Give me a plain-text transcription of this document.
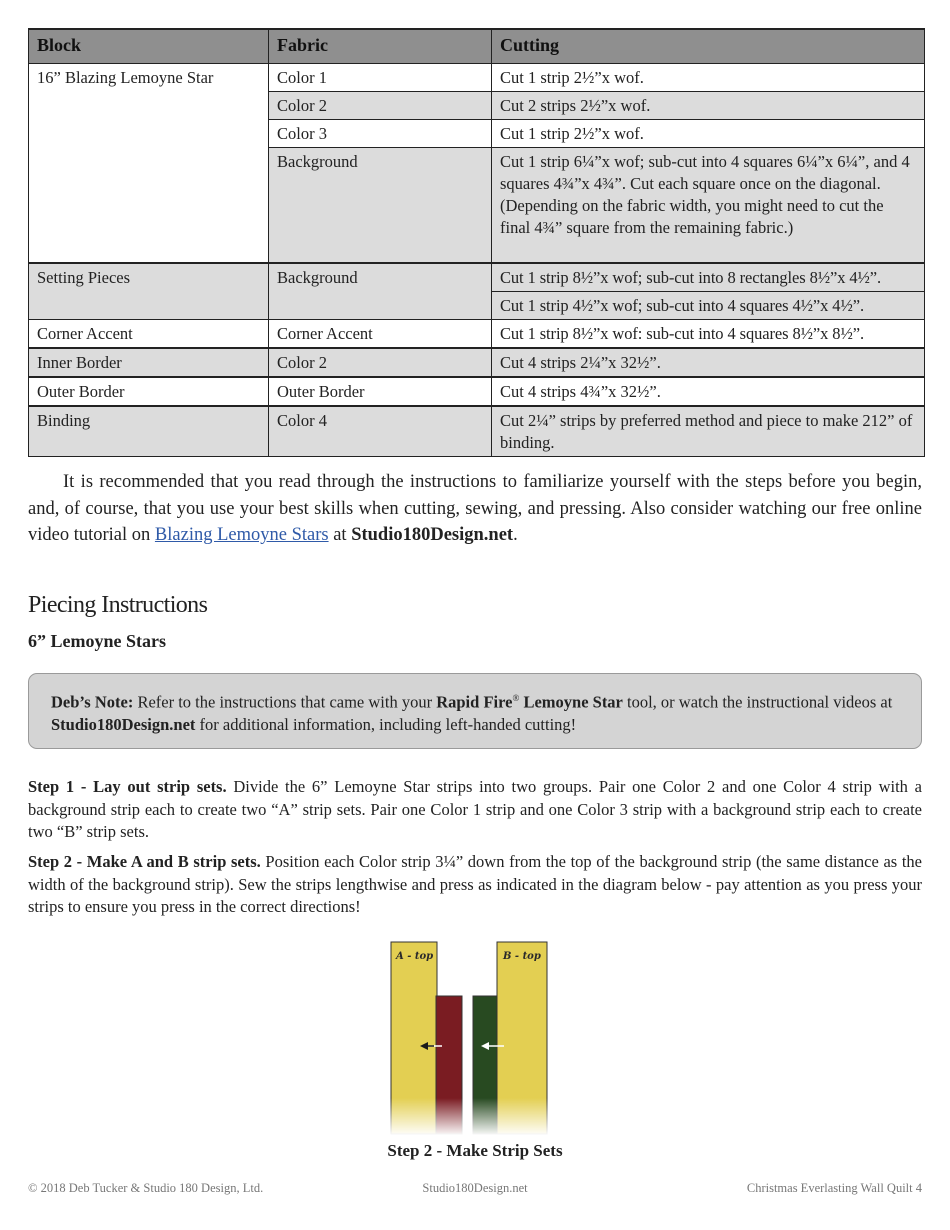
Block	Fabric	Cutting
16” Blazing Lemoyne Star	Color 1	Cut 1 strip 2½”x wof.
	Color 2	Cut 2 strips 2½”x wof.
	Color 3	Cut 1 strip 2½”x wof.
	Background	Cut 1 strip 6¼”x wof; sub-cut into 4 squares 6¼”x 6¼”, and 4 squares 4¾”x 4¾”. Cut each square once on the diagonal. (Depending on the fabric width, you might need to cut the final 4¾” square from the remaining fabric.)
Setting Pieces	Background	Cut 1 strip 8½”x wof; sub-cut into 8 rectangles 8½”x 4½”.
		Cut 1 strip 4½”x wof; sub-cut into 4 squares 4½”x 4½”.
Corner Accent	Corner Accent	Cut 1 strip 8½”x wof: sub-cut into 4 squares 8½”x 8½”.
Inner Border	Color 2	Cut 4 strips 2¼”x 32½”.
Outer Border	Outer Border	Cut 4 strips 4¾”x 32½”.
Binding	Color 4	Cut 2¼” strips by preferred method and piece to make 212” of binding.

It is recommended that you read through the instructions to familiarize yourself with the steps before you begin, and, of course, that you use your best skills when cutting, sewing, and pressing. Also consider watching our free online video tutorial on Blazing Lemoyne Stars at Studio180Design.net.

Piecing Instructions
6” Lemoyne Stars
Deb’s Note: Refer to the instructions that came with your Rapid Fire® Lemoyne Star tool, or watch the instructional videos at Studio180Design.net for additional information, including left-handed cutting!

Step 1 - Lay out strip sets. Divide the 6” Lemoyne Star strips into two groups. Pair one Color 2 and one Color 4 strip with a background strip each to create two “A” strip sets. Pair one Color 1 strip and one Color 3 strip with a background strip each to create two “B” strip sets.

Step 2 - Make A and B strip sets. Position each Color strip 3¼” down from the top of the background strip (the same distance as the width of the background strip). Sew the strips lengthwise and press as indicated in the diagram below - pay attention as you press your strips to ensure you press in the correct directions!

A - top	B - top

Step 2 - Make Strip Sets

© 2018 Deb Tucker & Studio 180 Design, Ltd.	Studio180Design.net	Christmas Everlasting Wall Quilt 4
